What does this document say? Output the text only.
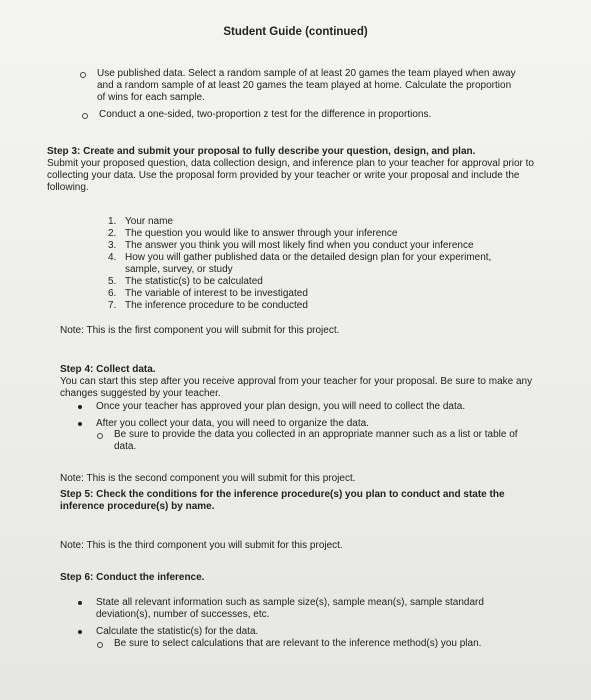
Student Guide (continued)
Use published data. Select a random sample of at least 20 games the team played when away and a random sample of at least 20 games the team played at home. Calculate the proportion of wins for each sample.
Conduct a one-sided, two-proportion z test for the difference in proportions.
Step 3: Create and submit your proposal to fully describe your question, design, and plan.
Submit your proposed question, data collection design, and inference plan to your teacher for approval prior to collecting your data. Use the proposal form provided by your teacher or write your proposal and include the following.
1. Your name
2. The question you would like to answer through your inference
3. The answer you think you will most likely find when you conduct your inference
4. How you will gather published data or the detailed design plan for your experiment, sample, survey, or study
5. The statistic(s) to be calculated
6. The variable of interest to be investigated
7. The inference procedure to be conducted
Note: This is the first component you will submit for this project.
Step 4: Collect data.
You can start this step after you receive approval from your teacher for your proposal. Be sure to make any changes suggested by your teacher.
Once your teacher has approved your plan design, you will need to collect the data.
After you collect your data, you will need to organize the data.
Be sure to provide the data you collected in an appropriate manner such as a list or table of data.
Note: This is the second component you will submit for this project.
Step 5: Check the conditions for the inference procedure(s) you plan to conduct and state the inference procedure(s) by name.
Note: This is the third component you will submit for this project.
Step 6: Conduct the inference.
State all relevant information such as sample size(s), sample mean(s), sample standard deviation(s), number of successes, etc.
Calculate the statistic(s) for the data.
Be sure to select calculations that are relevant to the inference method(s) you plan.
